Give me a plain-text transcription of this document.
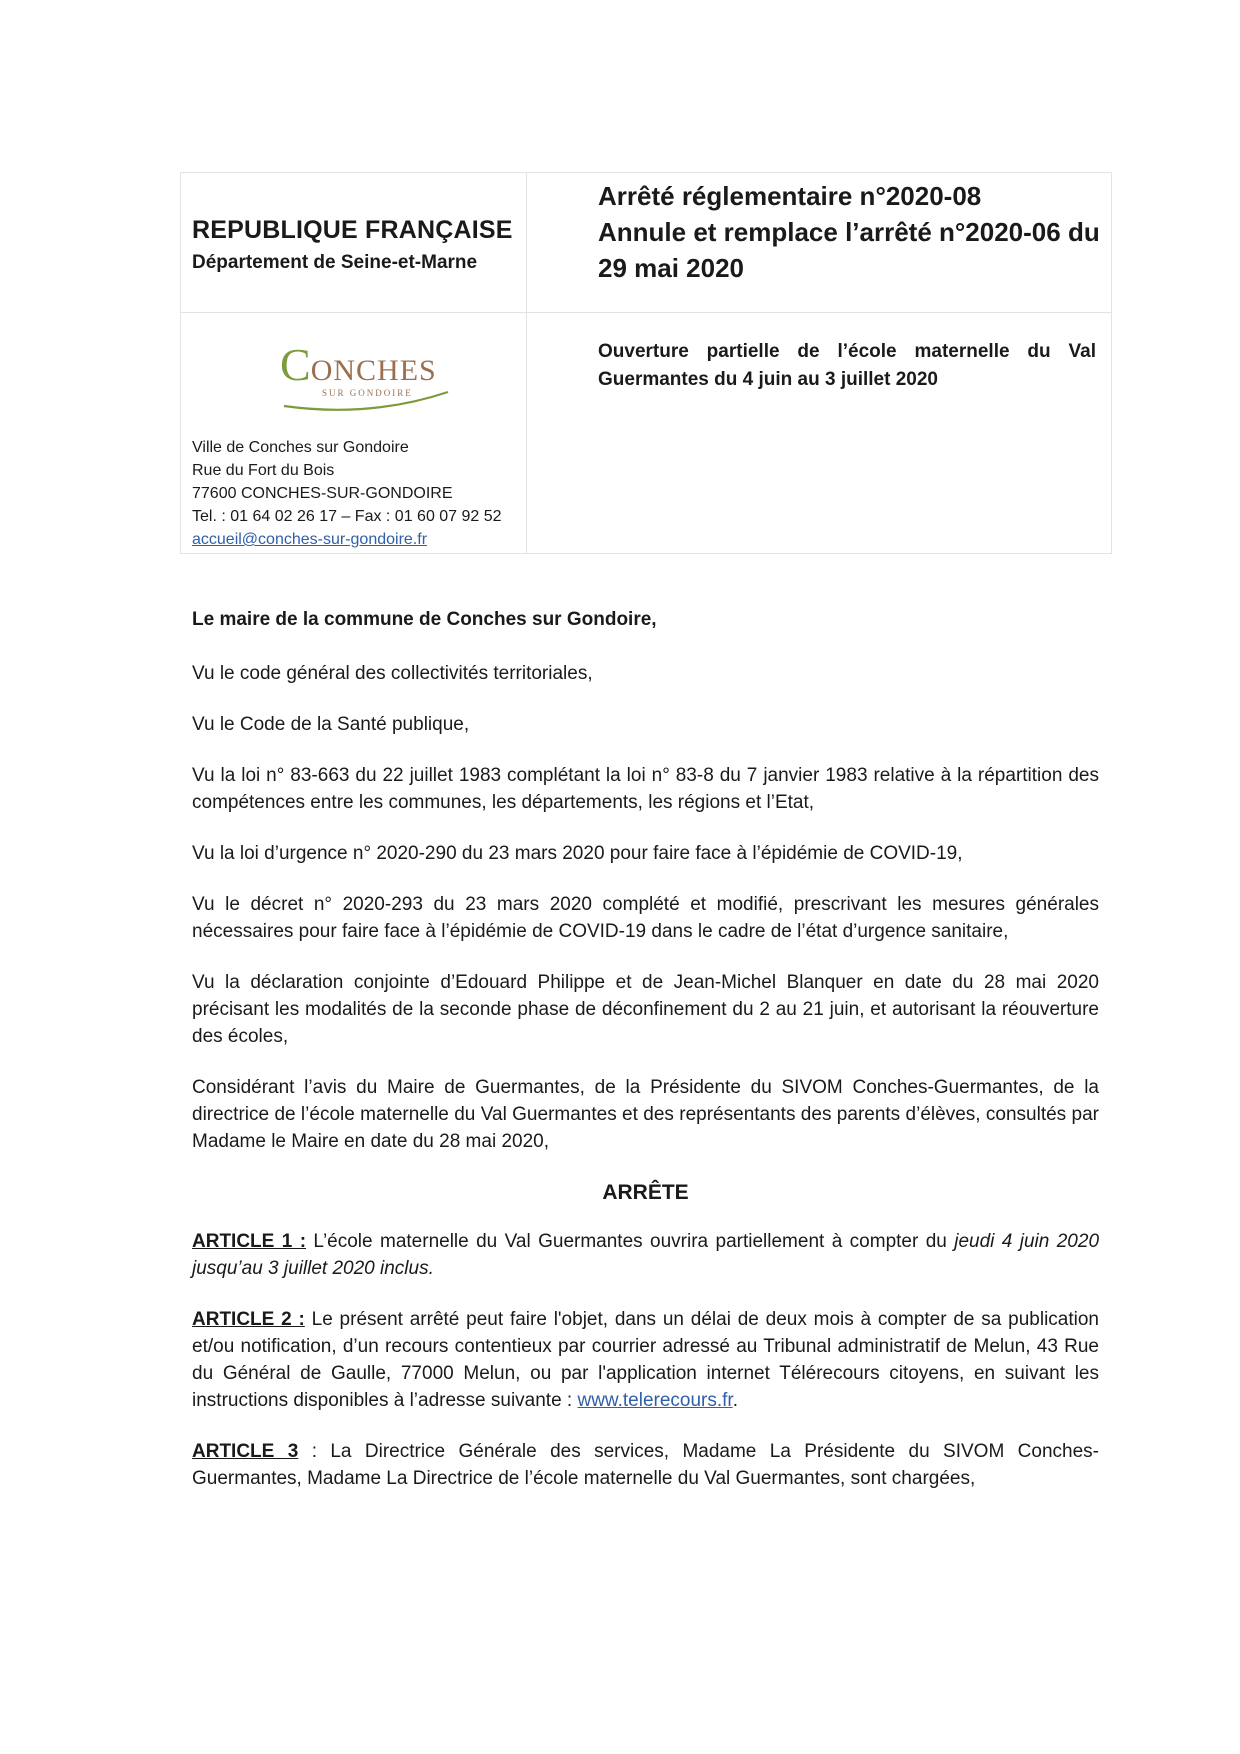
REPUBLIQUE FRANÇAISE
Département de Seine-et-Marne
Arrêté réglementaire n°2020-08
Annule et remplace l’arrêté n°2020-06 du
29 mai 2020
CONCHES
SUR GONDOIRE
Ville de Conches sur Gondoire
Rue du Fort du Bois
77600 CONCHES-SUR-GONDOIRE
Tel. : 01 64 02 26 17 – Fax : 01 60 07 92 52
accueil@conches-sur-gondoire.fr
Ouverture partielle de l’école maternelle du Val Guermantes du 4 juin au 3 juillet 2020

Le maire de la commune de Conches sur Gondoire,

Vu le code général des collectivités territoriales,

Vu le Code de la Santé publique,

Vu la loi n° 83-663 du 22 juillet 1983 complétant la loi n° 83-8 du 7 janvier 1983 relative à la répartition des compétences entre les communes, les départements, les régions et l’Etat,

Vu la loi d’urgence n° 2020-290 du 23 mars 2020 pour faire face à l’épidémie de COVID-19,

Vu le décret n° 2020-293 du 23 mars 2020 complété et modifié, prescrivant les mesures générales nécessaires pour faire face à l’épidémie de COVID-19 dans le cadre de l’état d’urgence sanitaire,

Vu la déclaration conjointe d’Edouard Philippe et de Jean-Michel Blanquer en date du 28 mai 2020 précisant les modalités de la seconde phase de déconfinement du 2 au 21 juin, et autorisant la réouverture des écoles,

Considérant l’avis du Maire de Guermantes, de la Présidente du SIVOM Conches-Guermantes, de la directrice de l’école maternelle du Val Guermantes et des représentants des parents d’élèves, consultés par Madame le Maire en date du 28 mai 2020,

ARRÊTE

ARTICLE 1 : L’école maternelle du Val Guermantes ouvrira partiellement à compter du jeudi 4 juin 2020 jusqu’au 3 juillet 2020 inclus.

ARTICLE 2 : Le présent arrêté peut faire l'objet, dans un délai de deux mois à compter de sa publication et/ou notification, d’un recours contentieux par courrier adressé au Tribunal administratif de Melun, 43 Rue du Général de Gaulle, 77000 Melun, ou par l'application internet Télérecours citoyens, en suivant les instructions disponibles à l’adresse suivante : www.telerecours.fr.

ARTICLE 3 : La Directrice Générale des services, Madame La Présidente du SIVOM Conches-Guermantes, Madame La Directrice de l’école maternelle du Val Guermantes, sont chargées,
